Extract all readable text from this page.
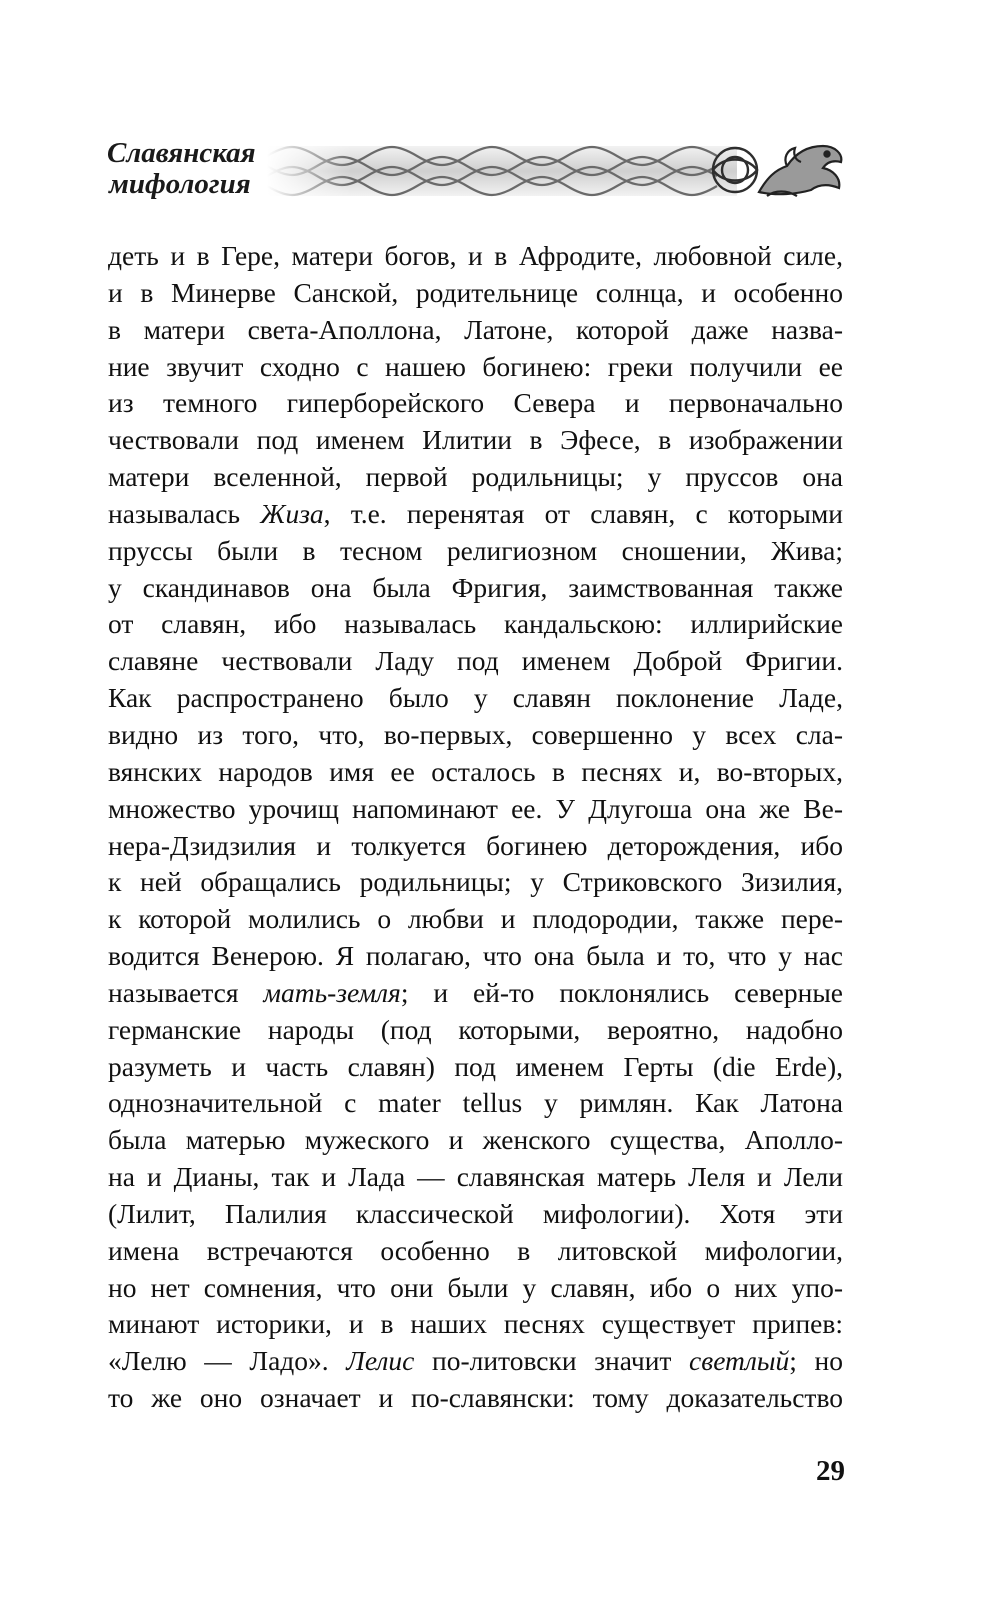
Славянская
мифология
деть и в Гере, матери богов, и в Афродите, любовной силе,
и в Минерве Санской, родительнице солнца, и особенно
в матери света-Аполлона, Латоне, которой даже назва-
ние звучит сходно с нашею богинею: греки получили ее
из темного гиперборейского Севера и первоначально
чествовали под именем Илитии в Эфесе, в изображении
матери вселенной, первой родильницы; у пруссов она
называлась Жиза, т.е. перенятая от славян, с которыми
пруссы были в тесном религиозном сношении, Жива;
у скандинавов она была Фригия, заимствованная также
от славян, ибо называлась кандальскою: иллирийские
славяне чествовали Ладу под именем Доброй Фригии.
Как распространено было у славян поклонение Ладе,
видно из того, что, во-первых, совершенно у всех сла-
вянских народов имя ее осталось в песнях и, во-вторых,
множество урочищ напоминают ее. У Длугоша она же Ве-
нера-Дзидзилия и толкуется богинею деторождения, ибо
к ней обращались родильницы; у Стриковского Зизилия,
к которой молились о любви и плодородии, также пере-
водится Венерою. Я полагаю, что она была и то, что у нас
называется мать-земля; и ей-то поклонялись северные
германские народы (под которыми, вероятно, надобно
разуметь и часть славян) под именем Герты (die Erde),
однозначительной с mater tellus у римлян. Как Латона
была матерью мужеского и женского существа, Аполло-
на и Дианы, так и Лада — славянская матерь Леля и Лели
(Лилит, Палилия классической мифологии). Хотя эти
имена встречаются особенно в литовской мифологии,
но нет сомнения, что они были у славян, ибо о них упо-
минают историки, и в наших песнях существует припев:
«Лелю — Ладо». Лелис по-литовски значит светлый; но
то же оно означает и по-славянски: тому доказательство
29
